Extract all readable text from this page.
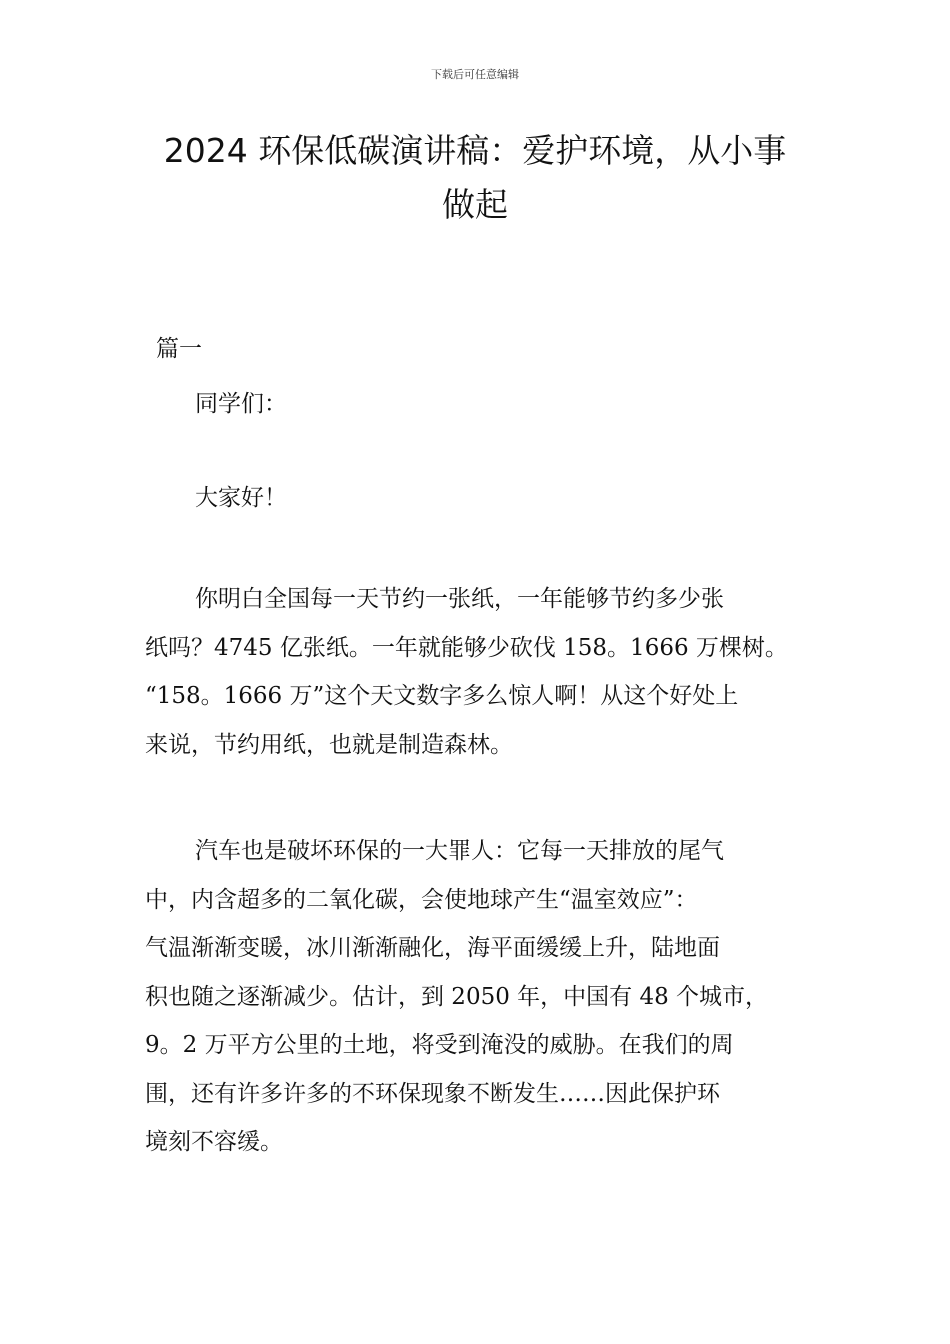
下载后可任意编辑
2024 环保低碳演讲稿：爱护环境，从小事
做起
篇一

同学们：

大家好！

你明白全国每一天节约一张纸，一年能够节约多少张
纸吗？4745 亿张纸。一年就能够少砍伐 158。1666 万棵树。
“158。1666 万”这个天文数字多么惊人啊！从这个好处上
来说，节约用纸，也就是制造森林。

汽车也是破坏环保的一大罪人：它每一天排放的尾气
中，内含超多的二氧化碳，会使地球产生“温室效应”：
气温渐渐变暖，冰川渐渐融化，海平面缓缓上升，陆地面
积也随之逐渐减少。估计，到 2050 年，中国有 48 个城市，
9。2 万平方公里的土地，将受到淹没的威胁。在我们的周
围，还有许多许多的不环保现象不断发生……因此保护环
境刻不容缓。
